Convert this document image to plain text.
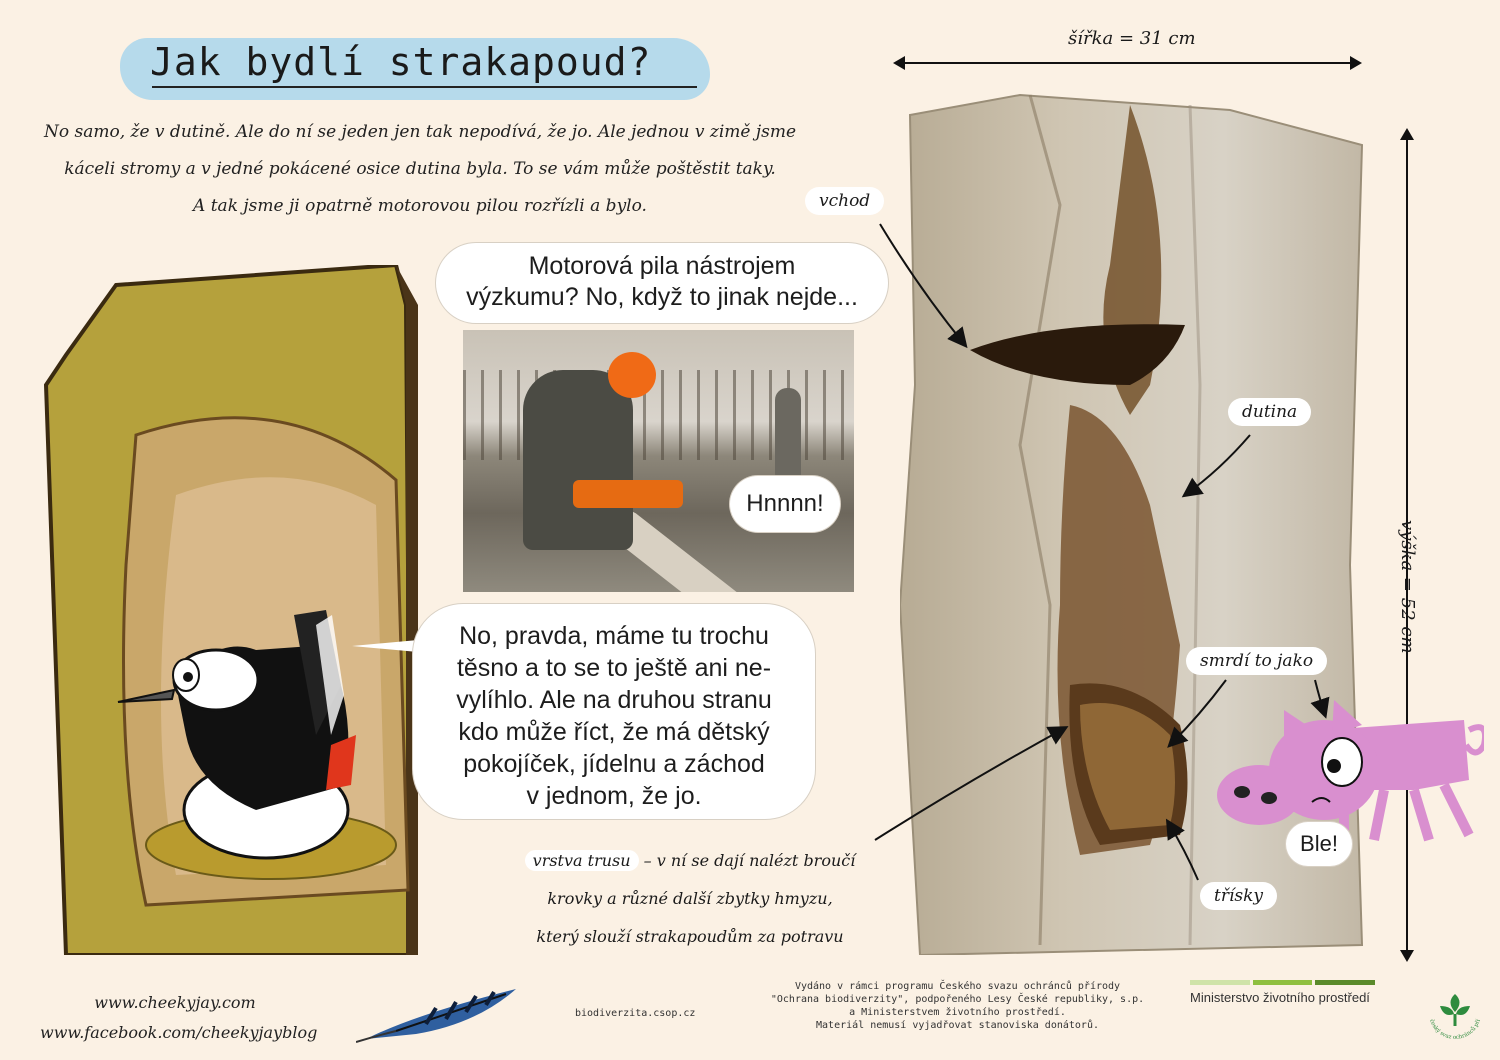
Jak bydlí strakapoud?

No samo, že v dutině. Ale do ní se jeden jen tak nepodívá, že jo. Ale jednou v zimě jsme

káceli stromy a v jedné pokácené osice dutina byla. To se vám může poštěstit taky.

A tak jsme ji opatrně motorovou pilou rozřízli a bylo.

Motorová pila nástrojem
výzkumu? No, když to jinak nejde...
Hnnnn!
No, pravda, máme tu trochu
těsno a to se to ještě ani ne-
vylíhlo. Ale na druhou stranu
kdo může říct, že má dětský
pokojíček, jídelnu a záchod
v jednom, že jo.
šířka = 31 cm
výška = 52 cm
vchod
dutina
smrdí to jako
třísky
vrstva trusu – v ní se dají nalézt broučí
krovky a různé další zbytky hmyzu,
který slouží strakapoudům za potravu
Ble!
www.cheekyjay.com
www.facebook.com/cheekyjayblog
biodiverzita.csop.cz
Vydáno v rámci programu Českého svazu ochránců přírody
"Ochrana biodiverzity", podpořeného Lesy České republiky, s.p.
a Ministerstvem životního prostředí.
Materiál nemusí vyjadřovat stanoviska donátorů.
Ministerstvo životního prostředí
český svaz ochránců pří
